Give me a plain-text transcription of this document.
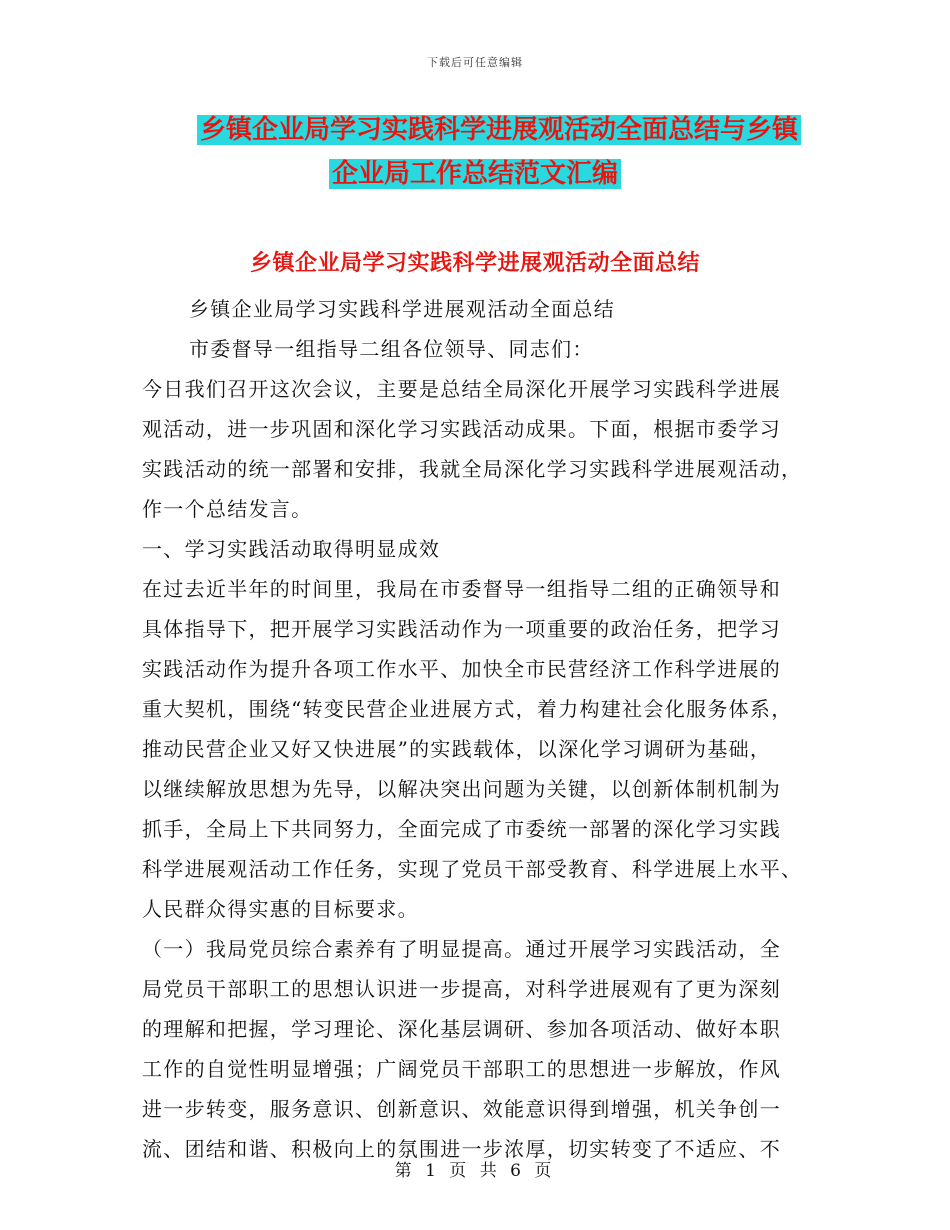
下载后可任意编辑
乡镇企业局学习实践科学进展观活动全面总结与乡镇
企业局工作总结范文汇编
乡镇企业局学习实践科学进展观活动全面总结
乡镇企业局学习实践科学进展观活动全面总结
市委督导一组指导二组各位领导、同志们：
今日我们召开这次会议，主要是总结全局深化开展学习实践科学进展
观活动，进一步巩固和深化学习实践活动成果。下面，根据市委学习
实践活动的统一部署和安排，我就全局深化学习实践科学进展观活动，
作一个总结发言。
一、学习实践活动取得明显成效
在过去近半年的时间里，我局在市委督导一组指导二组的正确领导和
具体指导下，把开展学习实践活动作为一项重要的政治任务，把学习
实践活动作为提升各项工作水平、加快全市民营经济工作科学进展的
重大契机，围绕“转变民营企业进展方式，着力构建社会化服务体系，
推动民营企业又好又快进展”的实践载体，以深化学习调研为基础，
以继续解放思想为先导，以解决突出问题为关键，以创新体制机制为
抓手，全局上下共同努力，全面完成了市委统一部署的深化学习实践
科学进展观活动工作任务，实现了党员干部受教育、科学进展上水平、
人民群众得实惠的目标要求。
（一）我局党员综合素养有了明显提高。通过开展学习实践活动，全
局党员干部职工的思想认识进一步提高，对科学进展观有了更为深刻
的理解和把握，学习理论、深化基层调研、参加各项活动、做好本职
工作的自觉性明显增强；广阔党员干部职工的思想进一步解放，作风
进一步转变，服务意识、创新意识、效能意识得到增强，机关争创一
流、团结和谐、积极向上的氛围进一步浓厚，切实转变了不适应、不
第 1 页 共 6 页
